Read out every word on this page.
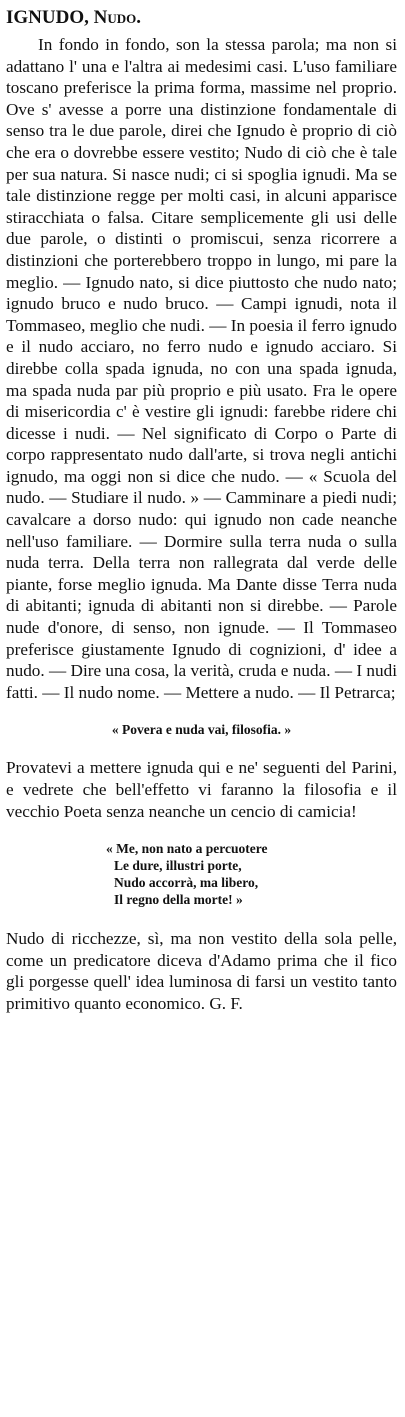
IGNUDO, Nudo.

In fondo in fondo, son la stessa parola; ma non si adattano l' una e l'altra ai medesimi casi. L'uso familiare toscano preferisce la prima forma, massime nel proprio. Ove s' avesse a porre una distinzione fondamentale di senso tra le due parole, direi che Ignudo è proprio di ciò che era o dovrebbe essere vestito; Nudo di ciò che è tale per sua natura. Si nasce nudi; ci si spoglia ignudi. Ma se tale distinzione regge per molti casi, in alcuni apparisce stiracchiata o falsa. Citare semplicemente gli usi delle due parole, o distinti o promiscui, senza ricorrere a distinzioni che porterebbero troppo in lungo, mi pare la meglio. — Ignudo nato, si dice piuttosto che nudo nato; ignudo bruco e nudo bruco. — Campi ignudi, nota il Tommaseo, meglio che nudi. — In poesia il ferro ignudo e il nudo acciaro, no ferro nudo e ignudo acciaro. Si direbbe colla spada ignuda, no con una spada ignuda, ma spada nuda par più proprio e più usato. Fra le opere di misericordia c' è vestire gli ignudi: farebbe ridere chi dicesse i nudi. — Nel significato di Corpo o Parte di corpo rappresentato nudo dall'arte, si trova negli antichi ignudo, ma oggi non si dice che nudo. — « Scuola del nudo. — Studiare il nudo. » — Camminare a piedi nudi; cavalcare a dorso nudo: qui ignudo non cade neanche nell'uso familiare. — Dormire sulla terra nuda o sulla nuda terra. Della terra non rallegrata dal verde delle piante, forse meglio ignuda. Ma Dante disse Terra nuda di abitanti; ignuda di abitanti non si direbbe. — Parole nude d'onore, di senso, non ignude. — Il Tommaseo preferisce giustamente Ignudo di cognizioni, d' idee a nudo. — Dire una cosa, la verità, cruda e nuda. — I nudi fatti. — Il nudo nome. — Mettere a nudo. — Il Petrarca;

« Povera e nuda vai, filosofia. »

Provatevi a mettere ignuda qui e ne' seguenti del Parini, e vedrete che bell'effetto vi faranno la filosofia e il vecchio Poeta senza neanche un cencio di camicia!

« Me, non nato a percuotere
Le dure, illustri porte,
Nudo accorrà, ma libero,
Il regno della morte! »

Nudo di ricchezze, sì, ma non vestito della sola pelle, come un predicatore diceva d'Adamo prima che il fico gli porgesse quell' idea luminosa di farsi un vestito tanto primitivo quanto economico. G. F.
